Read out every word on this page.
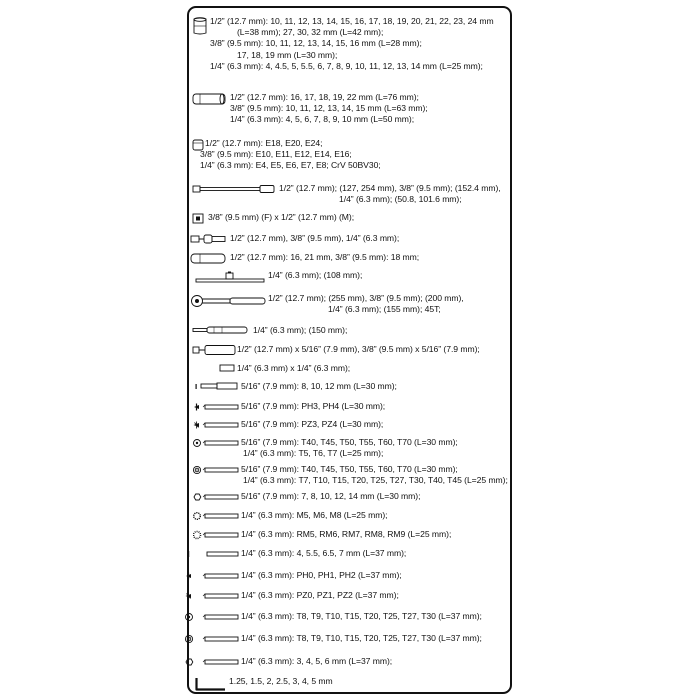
1/2” (12.7 mm): 10, 11, 12, 13, 14, 15, 16, 17, 18, 19, 20, 21, 22, 23, 24 mm
(L=38 mm); 27, 30, 32 mm (L=42 mm);
3/8” (9.5 mm): 10, 11, 12, 13, 14, 15, 16 mm (L=28 mm);
17, 18, 19 mm (L=30 mm);
1/4” (6.3 mm): 4, 4.5, 5, 5.5, 6, 7, 8, 9, 10, 11, 12, 13, 14 mm (L=25 mm);
1/2” (12.7 mm): 16, 17, 18, 19, 22 mm (L=76 mm);
3/8” (9.5 mm): 10, 11, 12, 13, 14, 15 mm (L=63 mm);
1/4” (6.3 mm): 4, 5, 6, 7, 8, 9, 10 mm (L=50 mm);
1/2” (12.7 mm): E18, E20, E24;
3/8” (9.5 mm): E10, E11, E12, E14, E16;
1/4” (6.3 mm): E4, E5, E6, E7, E8; CrV 50BV30;
1/2” (12.7 mm); (127, 254 mm), 3/8” (9.5 mm); (152.4 mm),
1/4” (6.3 mm); (50.8, 101.6 mm);
3/8” (9.5 mm) (F) x 1/2” (12.7 mm) (M);
1/2” (12.7 mm), 3/8” (9.5 mm), 1/4” (6.3 mm);
1/2” (12.7 mm): 16, 21 mm, 3/8” (9.5 mm): 18 mm;
1/4” (6.3 mm); (108 mm);
1/2” (12.7 mm); (255 mm), 3/8” (9.5 mm); (200 mm),
1/4” (6.3 mm); (155 mm); 45T;
1/4” (6.3 mm); (150 mm);
1/2” (12.7 mm) x 5/16” (7.9 mm), 3/8” (9.5 mm) x 5/16” (7.9 mm);
1/4” (6.3 mm) x 1/4” (6.3 mm);
5/16” (7.9 mm): 8, 10, 12 mm (L=30 mm);
5/16” (7.9 mm): PH3, PH4 (L=30 mm);
5/16” (7.9 mm): PZ3, PZ4 (L=30 mm);
5/16” (7.9 mm): T40, T45, T50, T55, T60, T70 (L=30 mm);
1/4” (6.3 mm): T5, T6, T7 (L=25 mm);
5/16” (7.9 mm): T40, T45, T50, T55, T60, T70 (L=30 mm);
1/4” (6.3 mm): T7, T10, T15, T20, T25, T27, T30, T40, T45 (L=25 mm);
5/16” (7.9 mm): 7, 8, 10, 12, 14 mm (L=30 mm);
1/4” (6.3 mm): M5, M6, M8 (L=25 mm);
1/4” (6.3 mm): RM5, RM6, RM7, RM8, RM9 (L=25 mm);
1/4” (6.3 mm): 4, 5.5, 6.5, 7 mm (L=37 mm);
1/4” (6.3 mm): PH0, PH1, PH2 (L=37 mm);
1/4” (6.3 mm): PZ0, PZ1, PZ2 (L=37 mm);
1/4” (6.3 mm): T8, T9, T10, T15, T20, T25, T27, T30 (L=37 mm);
1/4” (6.3 mm): T8, T9, T10, T15, T20, T25, T27, T30 (L=37 mm);
1/4” (6.3 mm): 3, 4, 5, 6 mm (L=37 mm);
1.25, 1.5, 2, 2.5, 3, 4, 5 mm
